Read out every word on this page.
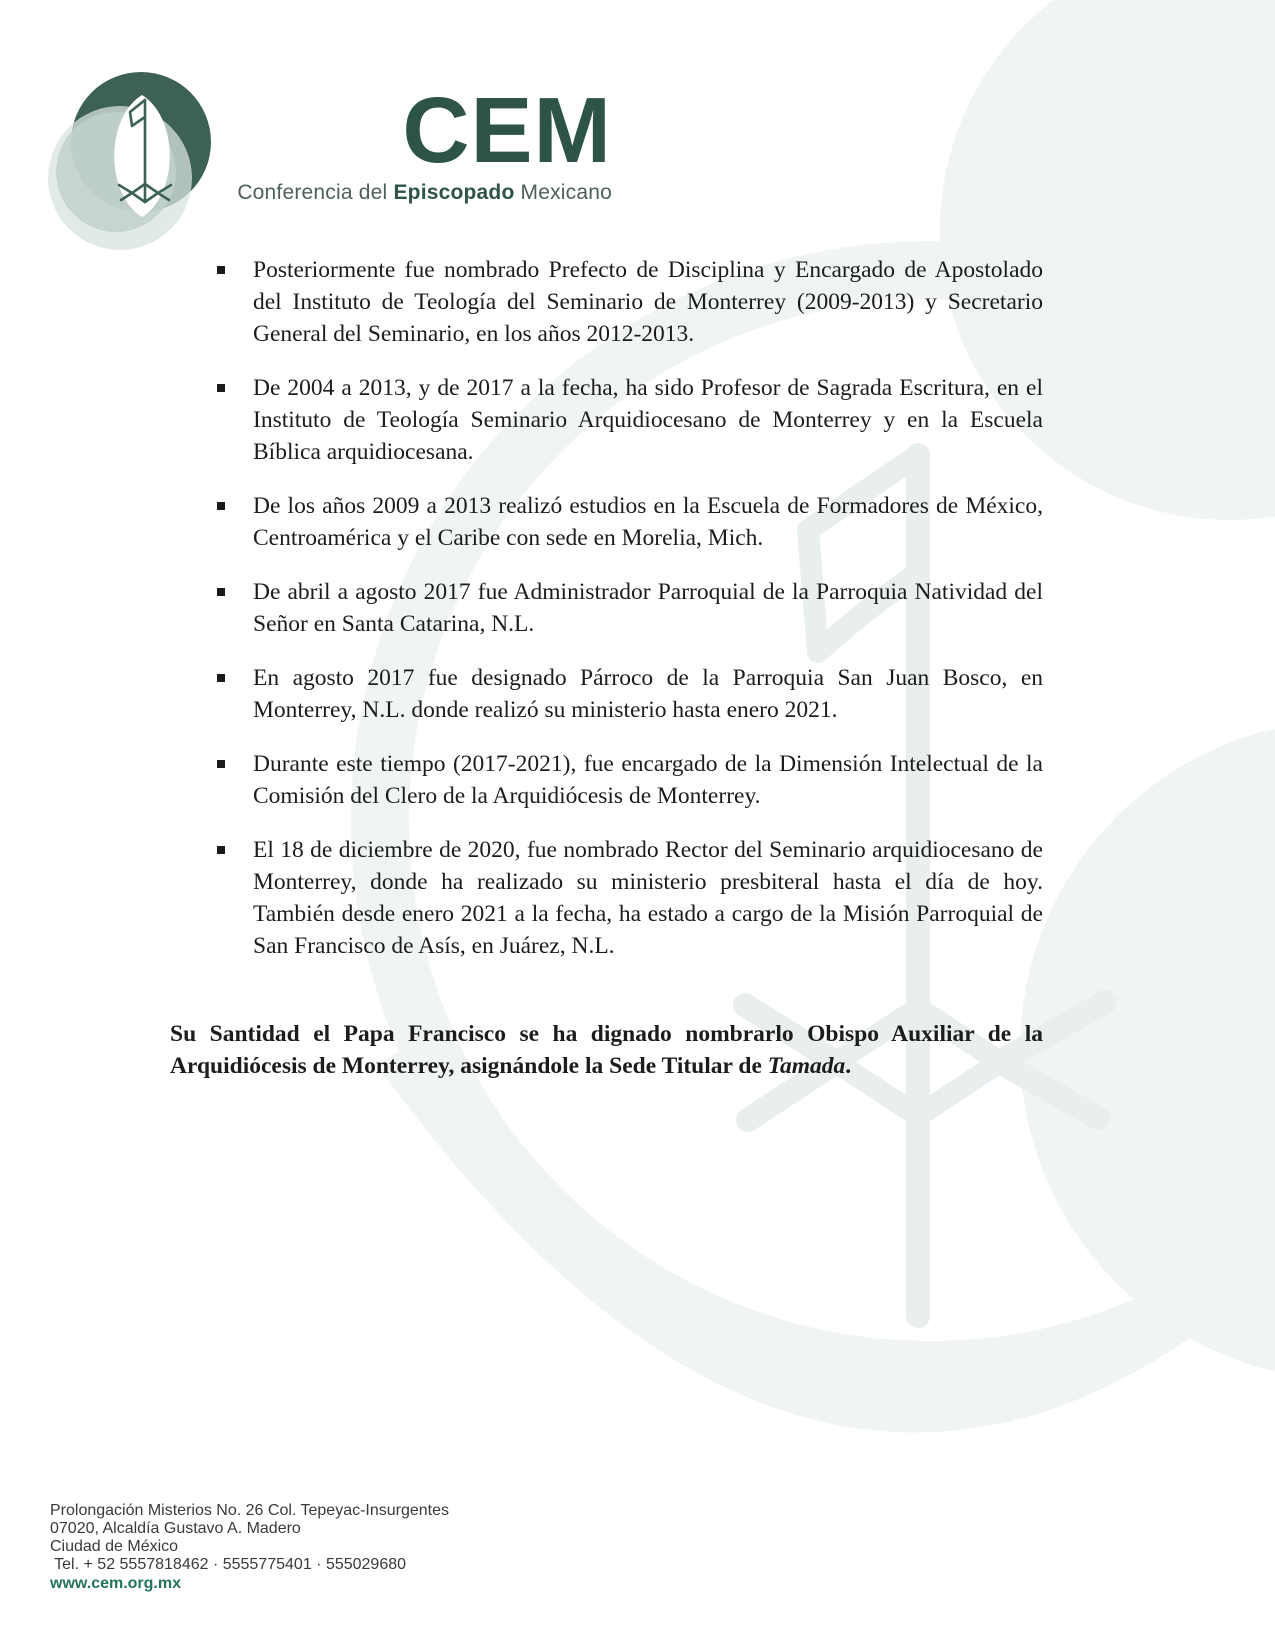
CEM
Conferencia del Episcopado Mexicano

Posteriormente fue nombrado Prefecto de Disciplina y Encargado de Apostolado del Instituto de Teología del Seminario de Monterrey (2009-2013) y Secretario General del Seminario, en los años 2012-2013.

De 2004 a 2013, y de 2017 a la fecha, ha sido Profesor de Sagrada Escritura, en el Instituto de Teología Seminario Arquidiocesano de Monterrey y en la Escuela Bíblica arquidiocesana.

De los años 2009 a 2013 realizó estudios en la Escuela de Formadores de México, Centroamérica y el Caribe con sede en Morelia, Mich.

De abril a agosto 2017 fue Administrador Parroquial de la Parroquia Natividad del Señor en Santa Catarina, N.L.

En agosto 2017 fue designado Párroco de la Parroquia San Juan Bosco, en Monterrey, N.L. donde realizó su ministerio hasta enero 2021.

Durante este tiempo (2017-2021), fue encargado de la Dimensión Intelectual de la Comisión del Clero de la Arquidiócesis de Monterrey.

El 18 de diciembre de 2020, fue nombrado Rector del Seminario arquidiocesano de Monterrey, donde ha realizado su ministerio presbiteral hasta el día de hoy. También desde enero 2021 a la fecha, ha estado a cargo de la Misión Parroquial de San Francisco de Asís, en Juárez, N.L.

Su Santidad el Papa Francisco se ha dignado nombrarlo Obispo Auxiliar de la Arquidiócesis de Monterrey, asignándole la Sede Titular de Tamada.

Prolongación Misterios No. 26 Col. Tepeyac-Insurgentes
07020, Alcaldía Gustavo A. Madero
Ciudad de México
Tel. + 52 5557818462 · 5555775401 · 555029680
www.cem.org.mx
